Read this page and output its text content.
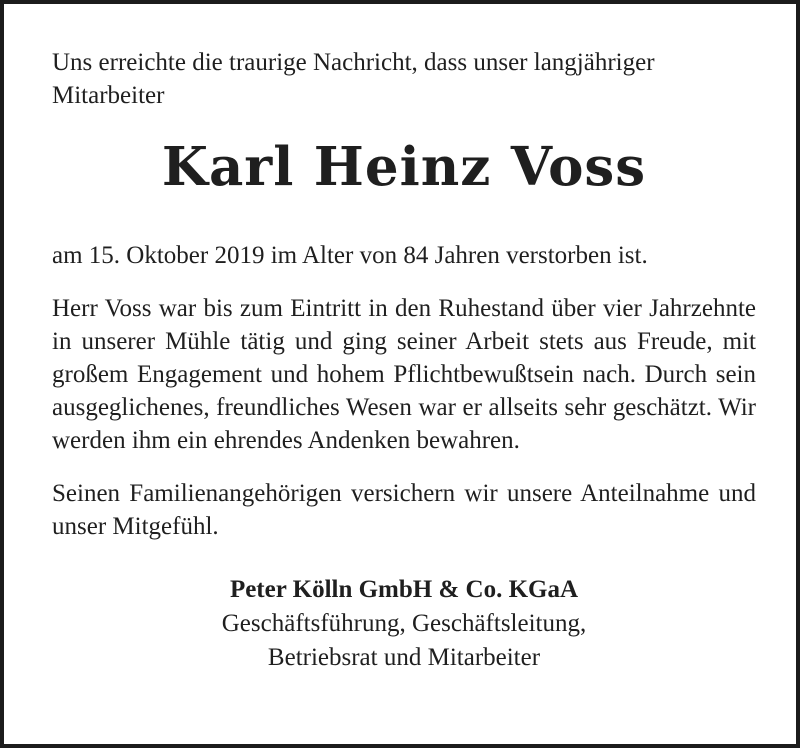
Uns erreichte die traurige Nachricht, dass unser langjähriger Mitarbeiter

Karl Heinz Voss

am 15. Oktober 2019 im Alter von 84 Jahren verstorben ist.

Herr Voss war bis zum Eintritt in den Ruhestand über vier Jahrzehnte in unserer Mühle tätig und ging seiner Arbeit stets aus Freude, mit großem Engagement und hohem Pflichtbewußtsein nach. Durch sein ausgeglichenes, freundliches Wesen war er allseits sehr geschätzt. Wir werden ihm ein ehrendes Andenken bewahren.

Seinen Familienangehörigen versichern wir unsere Anteilnahme und unser Mitgefühl.

Peter Kölln GmbH & Co. KGaA
Geschäftsführung, Geschäftsleitung,
Betriebsrat und Mitarbeiter
